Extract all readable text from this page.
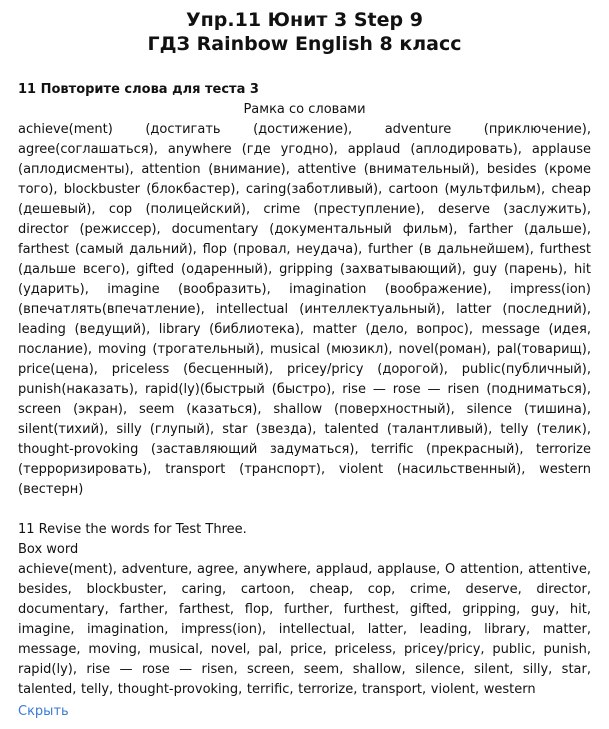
Упр.11 Юнит 3 Step 9
ГДЗ Rainbow English 8 класс

11 Повторите слова для теста 3

Рамка со словами

achieve(ment) (достигать (достижение), adventure (приключение), agree(соглашаться), anywhere (где угодно), applaud (аплодировать), applause (аплодисменты), attention (внимание), attentive (внимательный), besides (кроме того), blockbuster (блокбастер), caring(заботливый), cartoon (мультфильм), cheap (дешевый), cop (полицейский), crime (преступление), deserve (заслужить), director (режиссер), documentary (документальный фильм), farther (дальше), farthest (самый дальний), flop (провал, неудача), further (в дальнейшем), furthest (дальше всего), gifted (одаренный), gripping (захватывающий), guy (парень), hit (ударить), imagine (вообразить), imagination (воображение), impress(ion) (впечатлять(впечатление), intellectual (интеллектуальный), latter (последний), leading (ведущий), library (библиотека), matter (дело, вопрос), message (идея, послание), moving (трогательный), musical (мюзикл), novel(роман), pal(товарищ), price(цена), priceless (бесценный), pricey/pricy (дорогой), public(публичный), punish(наказать), rapid(ly)(быстрый (быстро), rise — rose — risen (подниматься), screen (экран), seem (казаться), shallow (поверхностный), silence (тишина), silent(тихий), silly (глупый), star (звезда), talented (талантливый), telly (телик), thought-provoking (заставляющий задуматься), terrific (прекрасный), terrorize (терроризировать), transport (транспорт), violent (насильственный), western (вестерн)

11 Revise the words for Test Three.

Box word

achieve(ment), adventure, agree, anywhere, applaud, applause, O attention, attentive, besides, blockbuster, caring, cartoon, cheap, cop, crime, deserve, director, documentary, farther, farthest, flop, further, furthest, gifted, gripping, guy, hit, imagine, imagination, impress(ion), intellectual, latter, leading, library, matter, message, moving, musical, novel, pal, price, priceless, pricey/pricy, public, punish, rapid(ly), rise — rose — risen, screen, seem, shallow, silence, silent, silly, star, talented, telly, thought-provoking, terrific, terrorize, transport, violent, western

Скрыть
